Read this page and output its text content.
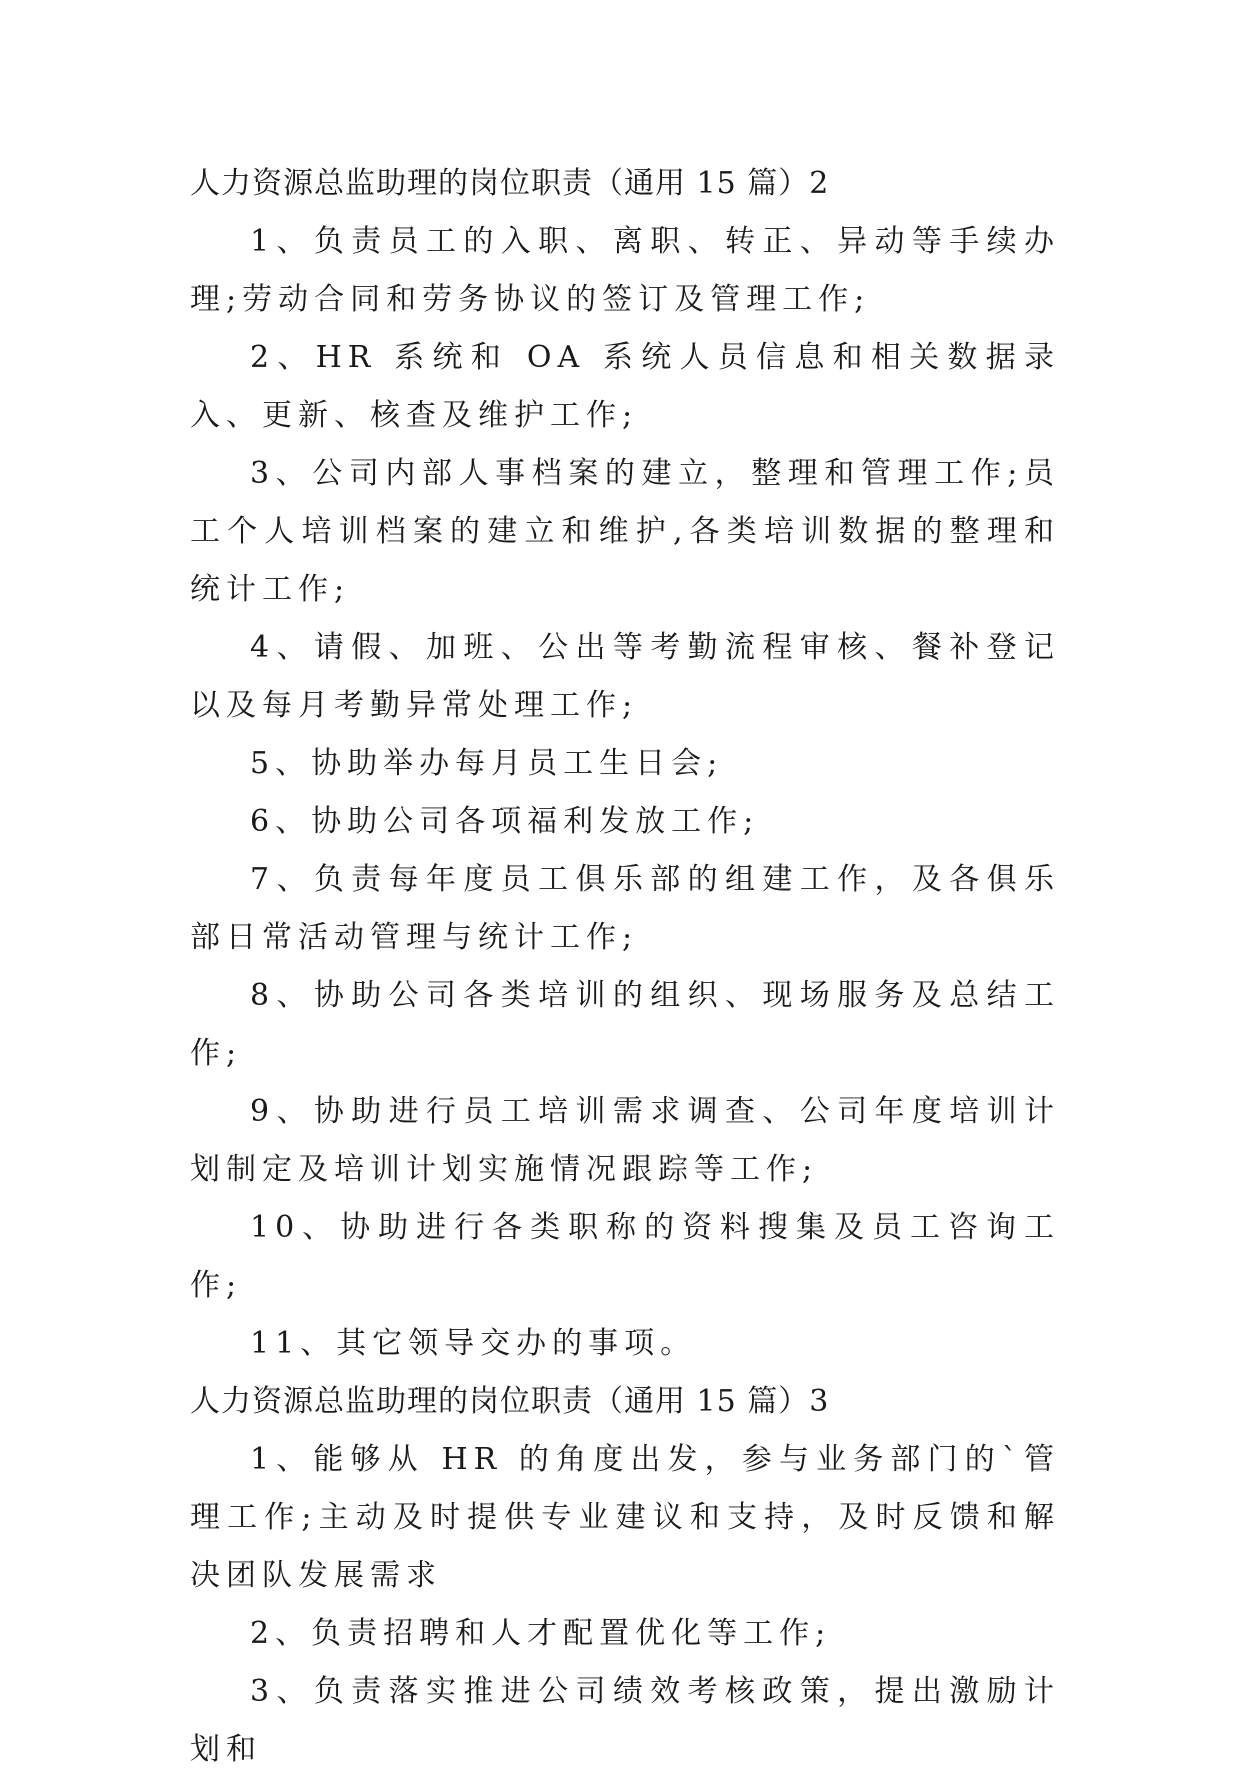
人力资源总监助理的岗位职责（通用 15 篇）2

1、负责员工的入职、离职、转正、异动等手续办理;劳动合同和劳务协议的签订及管理工作;

2、HR 系统和 OA 系统人员信息和相关数据录入、更新、核查及维护工作;

3、公司内部人事档案的建立，整理和管理工作;员工个人培训档案的建立和维护,各类培训数据的整理和统计工作;

4、请假、加班、公出等考勤流程审核、餐补登记以及每月考勤异常处理工作;

5、协助举办每月员工生日会;

6、协助公司各项福利发放工作;

7、负责每年度员工俱乐部的组建工作，及各俱乐部日常活动管理与统计工作;

8、协助公司各类培训的组织、现场服务及总结工作;

9、协助进行员工培训需求调查、公司年度培训计划制定及培训计划实施情况跟踪等工作;

10、协助进行各类职称的资料搜集及员工咨询工作;

11、其它领导交办的事项。

人力资源总监助理的岗位职责（通用 15 篇）3

1、能够从 HR 的角度出发，参与业务部门的`管理工作;主动及时提供专业建议和支持，及时反馈和解决团队发展需求

2、负责招聘和人才配置优化等工作;

3、负责落实推进公司绩效考核政策，提出激励计划和
